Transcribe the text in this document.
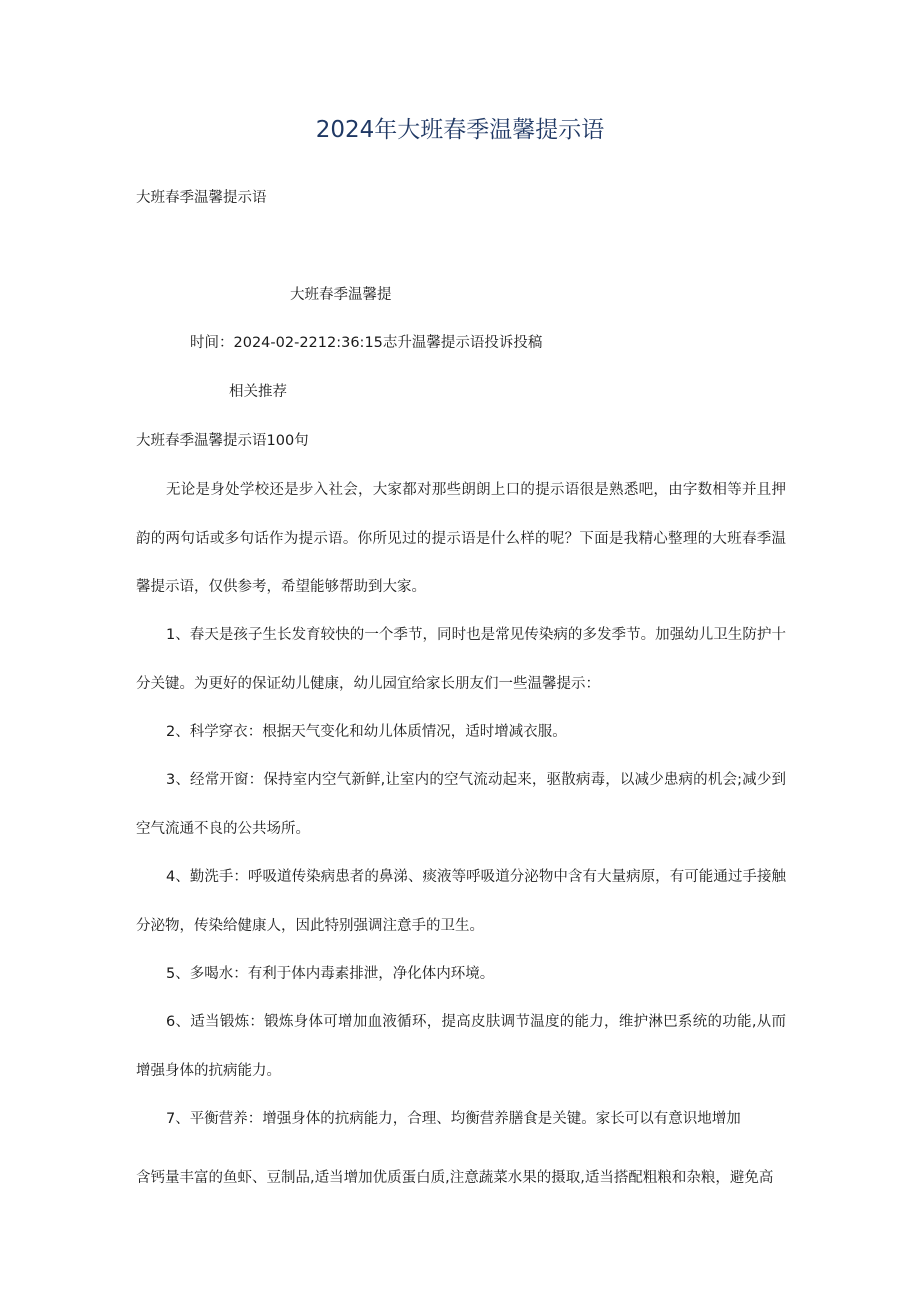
2024年大班春季温馨提示语
大班春季温馨提示语
大班春季温馨提
时间：2024-02-2212:36:15志升温馨提示语投诉投稿
相关推荐
大班春季温馨提示语100句
无论是身处学校还是步入社会，大家都对那些朗朗上口的提示语很是熟悉吧，由字数相等并且押韵的两句话或多句话作为提示语。你所见过的提示语是什么样的呢？下面是我精心整理的大班春季温馨提示语，仅供参考，希望能够帮助到大家。
1、春天是孩子生长发育较快的一个季节，同时也是常见传染病的多发季节。加强幼儿卫生防护十分关键。为更好的保证幼儿健康，幼儿园宜给家长朋友们一些温馨提示：
2、科学穿衣：根据天气变化和幼儿体质情况，适时增减衣服。
3、经常开窗：保持室内空气新鲜,让室内的空气流动起来，驱散病毒，以减少患病的机会;减少到空气流通不良的公共场所。
4、勤洗手：呼吸道传染病患者的鼻涕、痰液等呼吸道分泌物中含有大量病原，有可能通过手接触分泌物，传染给健康人，因此特别强调注意手的卫生。
5、多喝水：有利于体内毒素排泄，净化体内环境。
6、适当锻炼：锻炼身体可增加血液循环，提高皮肤调节温度的能力，维护淋巴系统的功能,从而增强身体的抗病能力。
7、平衡营养：增强身体的抗病能力，合理、均衡营养膳食是关键。家长可以有意识地增加
含钙量丰富的鱼虾、豆制品,适当增加优质蛋白质,注意蔬菜水果的摄取,适当搭配粗粮和杂粮，避免高
